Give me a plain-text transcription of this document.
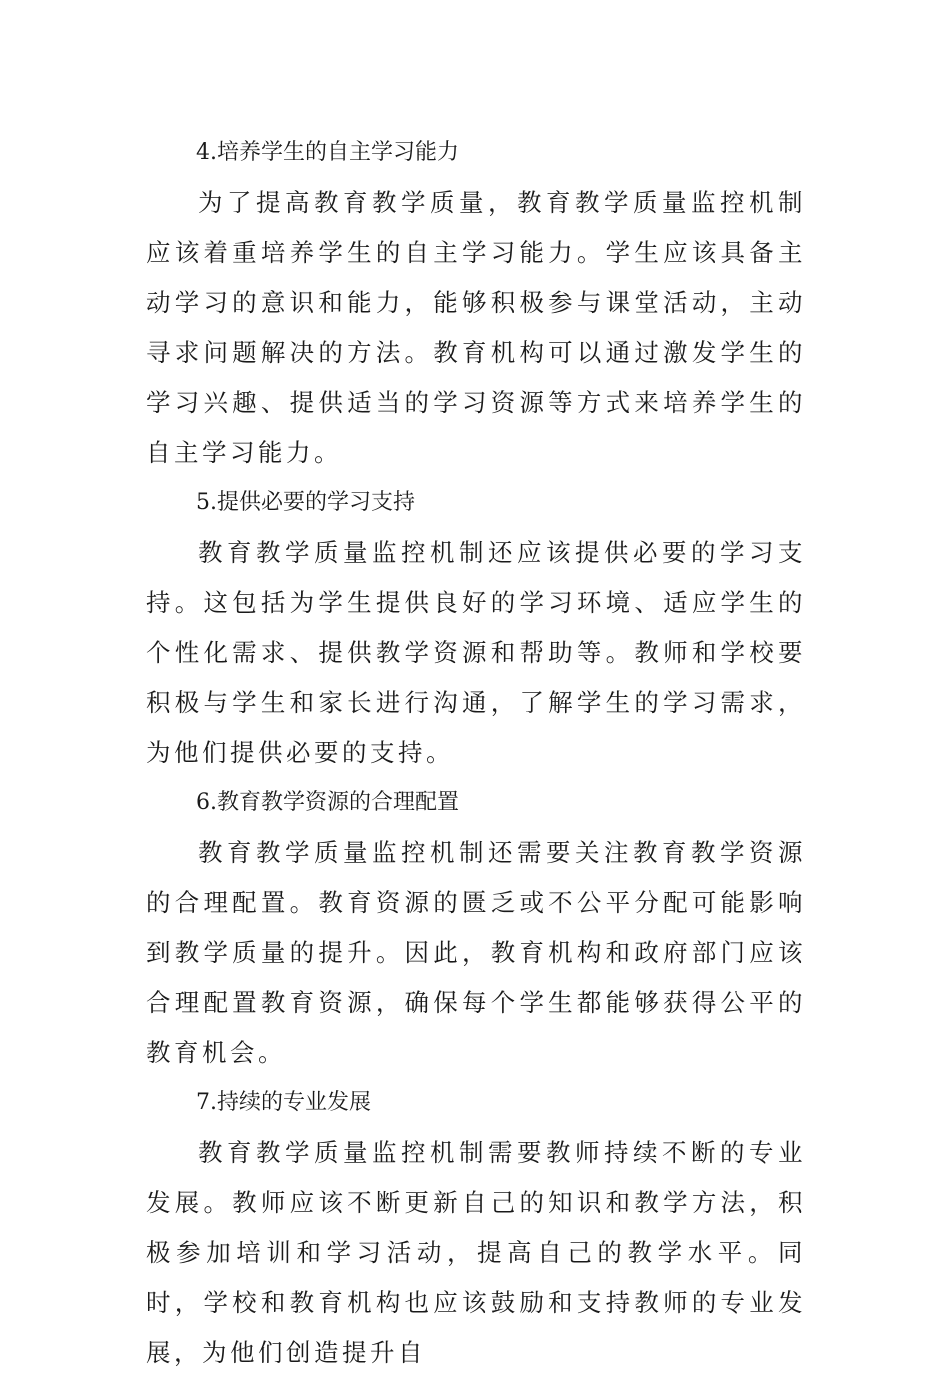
4.培养学生的自主学习能力

为了提高教育教学质量，教育教学质量监控机制应该着重培养学生的自主学习能力。学生应该具备主动学习的意识和能力，能够积极参与课堂活动，主动寻求问题解决的方法。教育机构可以通过激发学生的学习兴趣、提供适当的学习资源等方式来培养学生的自主学习能力。

5.提供必要的学习支持

教育教学质量监控机制还应该提供必要的学习支持。这包括为学生提供良好的学习环境、适应学生的个性化需求、提供教学资源和帮助等。教师和学校要积极与学生和家长进行沟通，了解学生的学习需求，为他们提供必要的支持。

6.教育教学资源的合理配置

教育教学质量监控机制还需要关注教育教学资源的合理配置。教育资源的匮乏或不公平分配可能影响到教学质量的提升。因此，教育机构和政府部门应该合理配置教育资源，确保每个学生都能够获得公平的教育机会。

7.持续的专业发展

教育教学质量监控机制需要教师持续不断的专业发展。教师应该不断更新自己的知识和教学方法，积极参加培训和学习活动，提高自己的教学水平。同时，学校和教育机构也应该鼓励和支持教师的专业发展，为他们创造提升自
